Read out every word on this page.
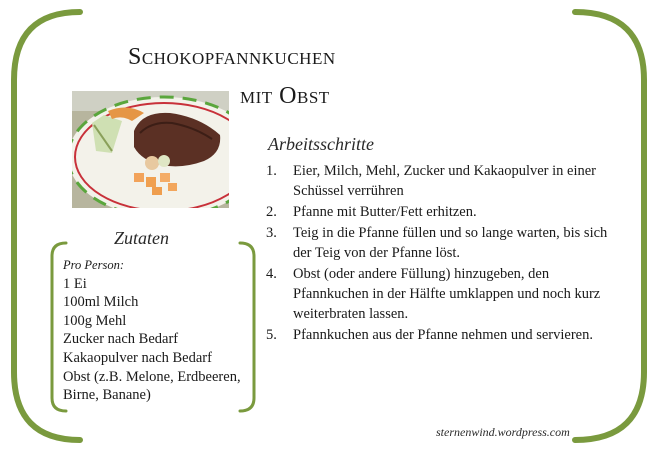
Schokopfannkuchen
mit Obst
Arbeitsschritte
1. Eier, Milch, Mehl, Zucker und Kakaopulver in einer Schüssel verrühren
2. Pfanne mit Butter/Fett erhitzen.
3. Teig in die Pfanne füllen und so lange warten, bis sich der Teig von der Pfanne löst.
4. Obst (oder andere Füllung) hinzugeben, den Pfannkuchen in der Hälfte umklappen und noch kurz weiterbraten lassen.
5. Pfannkuchen aus der Pfanne nehmen und servieren.
Zutaten
Pro Person:
1 Ei
100ml Milch
100g Mehl
Zucker nach Bedarf
Kakaopulver nach Bedarf
Obst (z.B. Melone, Erdbeeren, Birne, Banane)
sternenwind.wordpress.com
